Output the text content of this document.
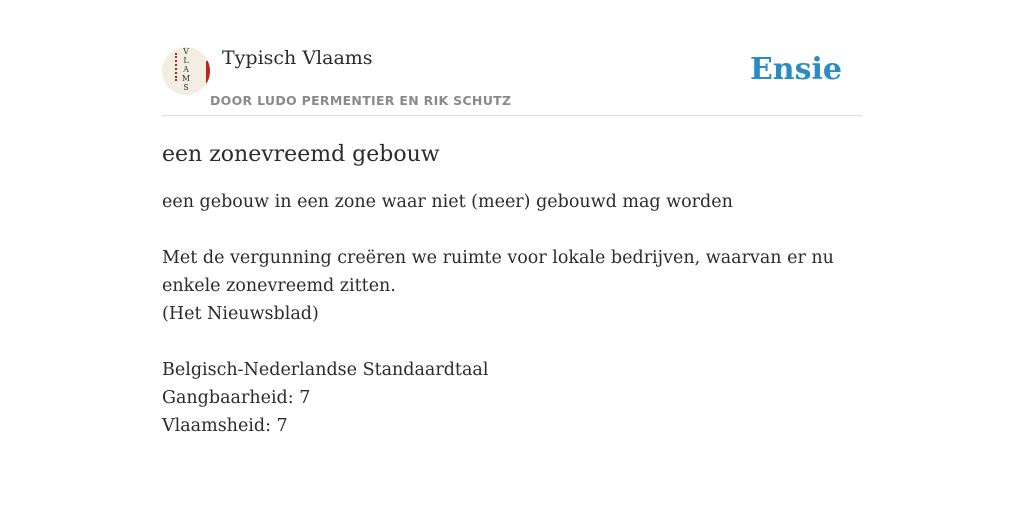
V
L
A
M
S
Typisch Vlaams
DOOR LUDO PERMENTIER EN RIK SCHUTZ
Ensie
een zonevreemd gebouw

een gebouw in een zone waar niet (meer) gebouwd mag worden

Met de vergunning creëren we ruimte voor lokale bedrijven, waarvan er nu

enkele zonevreemd zitten.

(Het Nieuwsblad)

Belgisch-Nederlandse Standaardtaal

Gangbaarheid: 7

Vlaamsheid: 7
